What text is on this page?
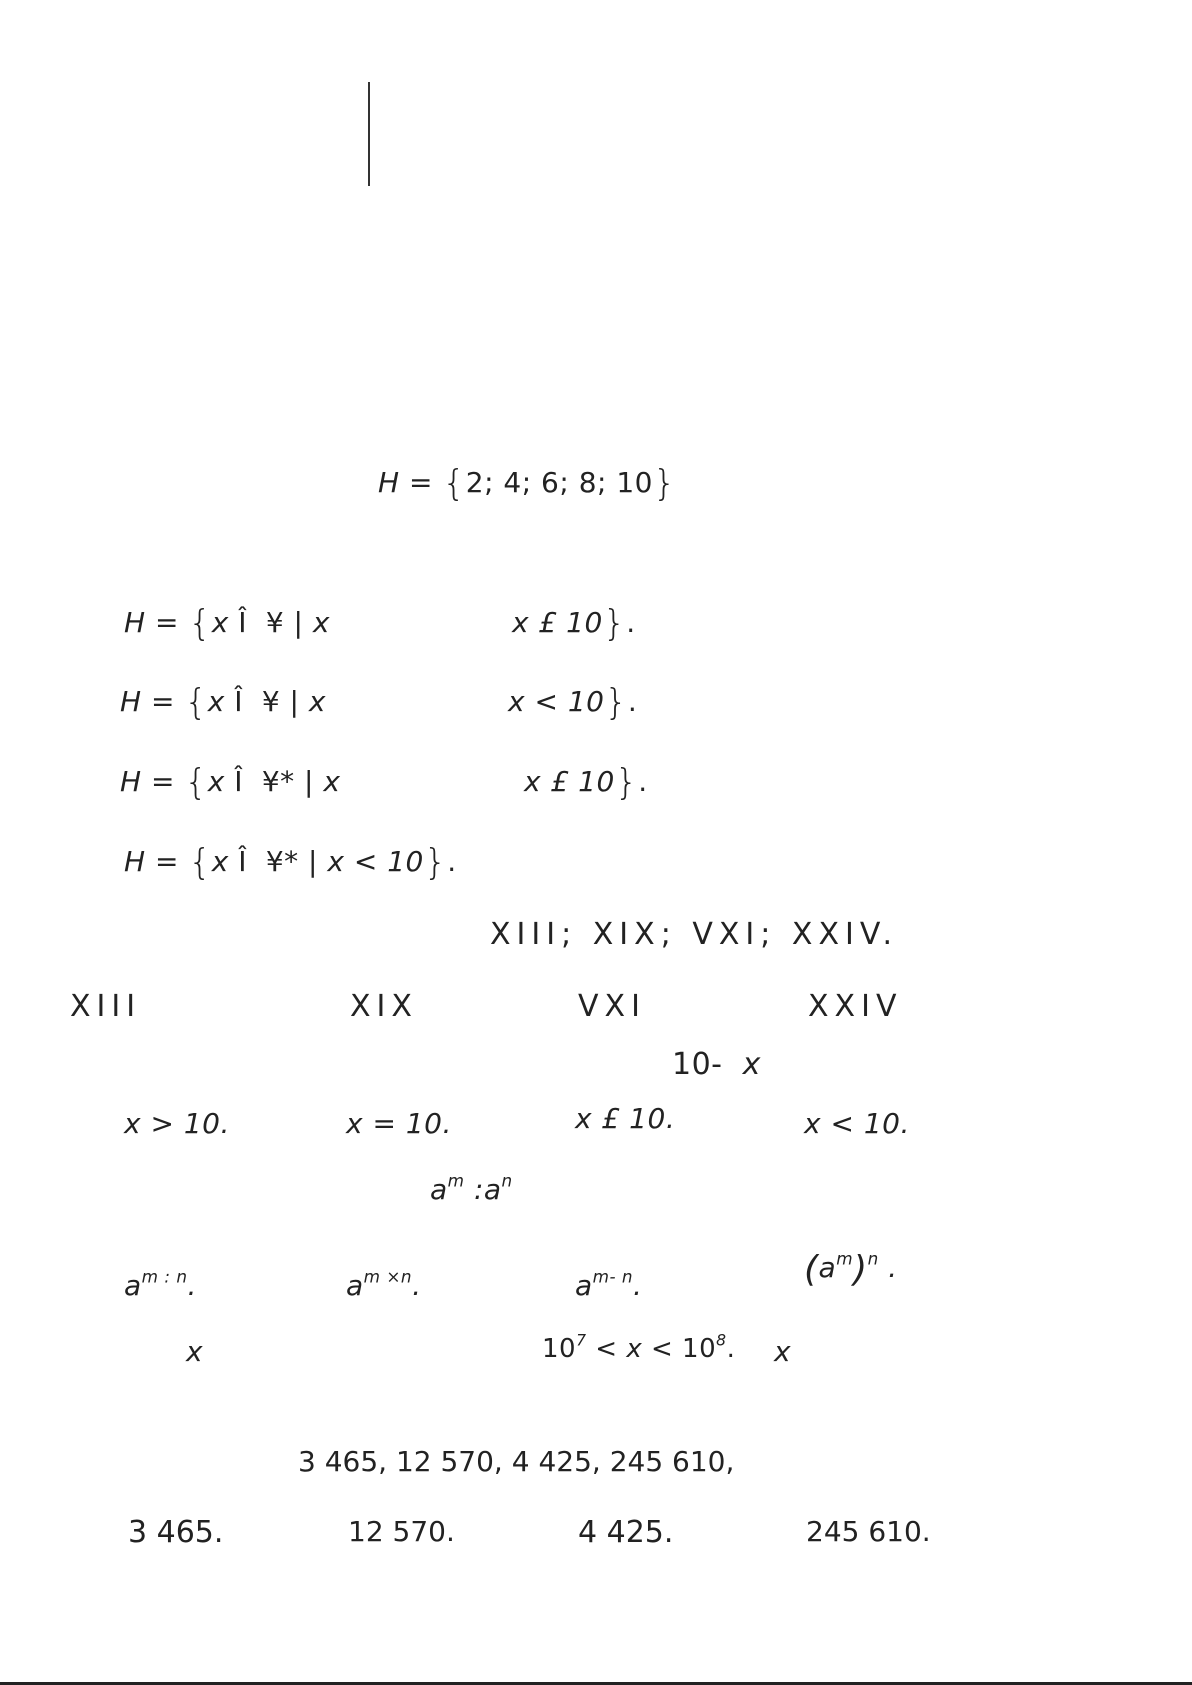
H = {2; 4; 6; 8; 10}
H = {x Î ¥ | x	x £ 10}.
H = {x Î ¥ | x	x < 10}.
H = {x Î ¥* | x	x £ 10}.
H = {x Î ¥* | x < 10}.
XIII; XIX; VXI; XXIV.
XIII	XIX	VXI	XXIV
10- x
x > 10.	x = 10.	x £ 10.	x < 10.
$a^m$ $:a^n$
$a^{m : n}$.	$a^{m \times n}$.	$a^{m- n}$.	$(a^m)^n$ .
x	$10^7 < x < 10^8$. x
3 465, 12 570, 4 425, 245 610,
3 465.	12 570.	4 425.	245 610.
